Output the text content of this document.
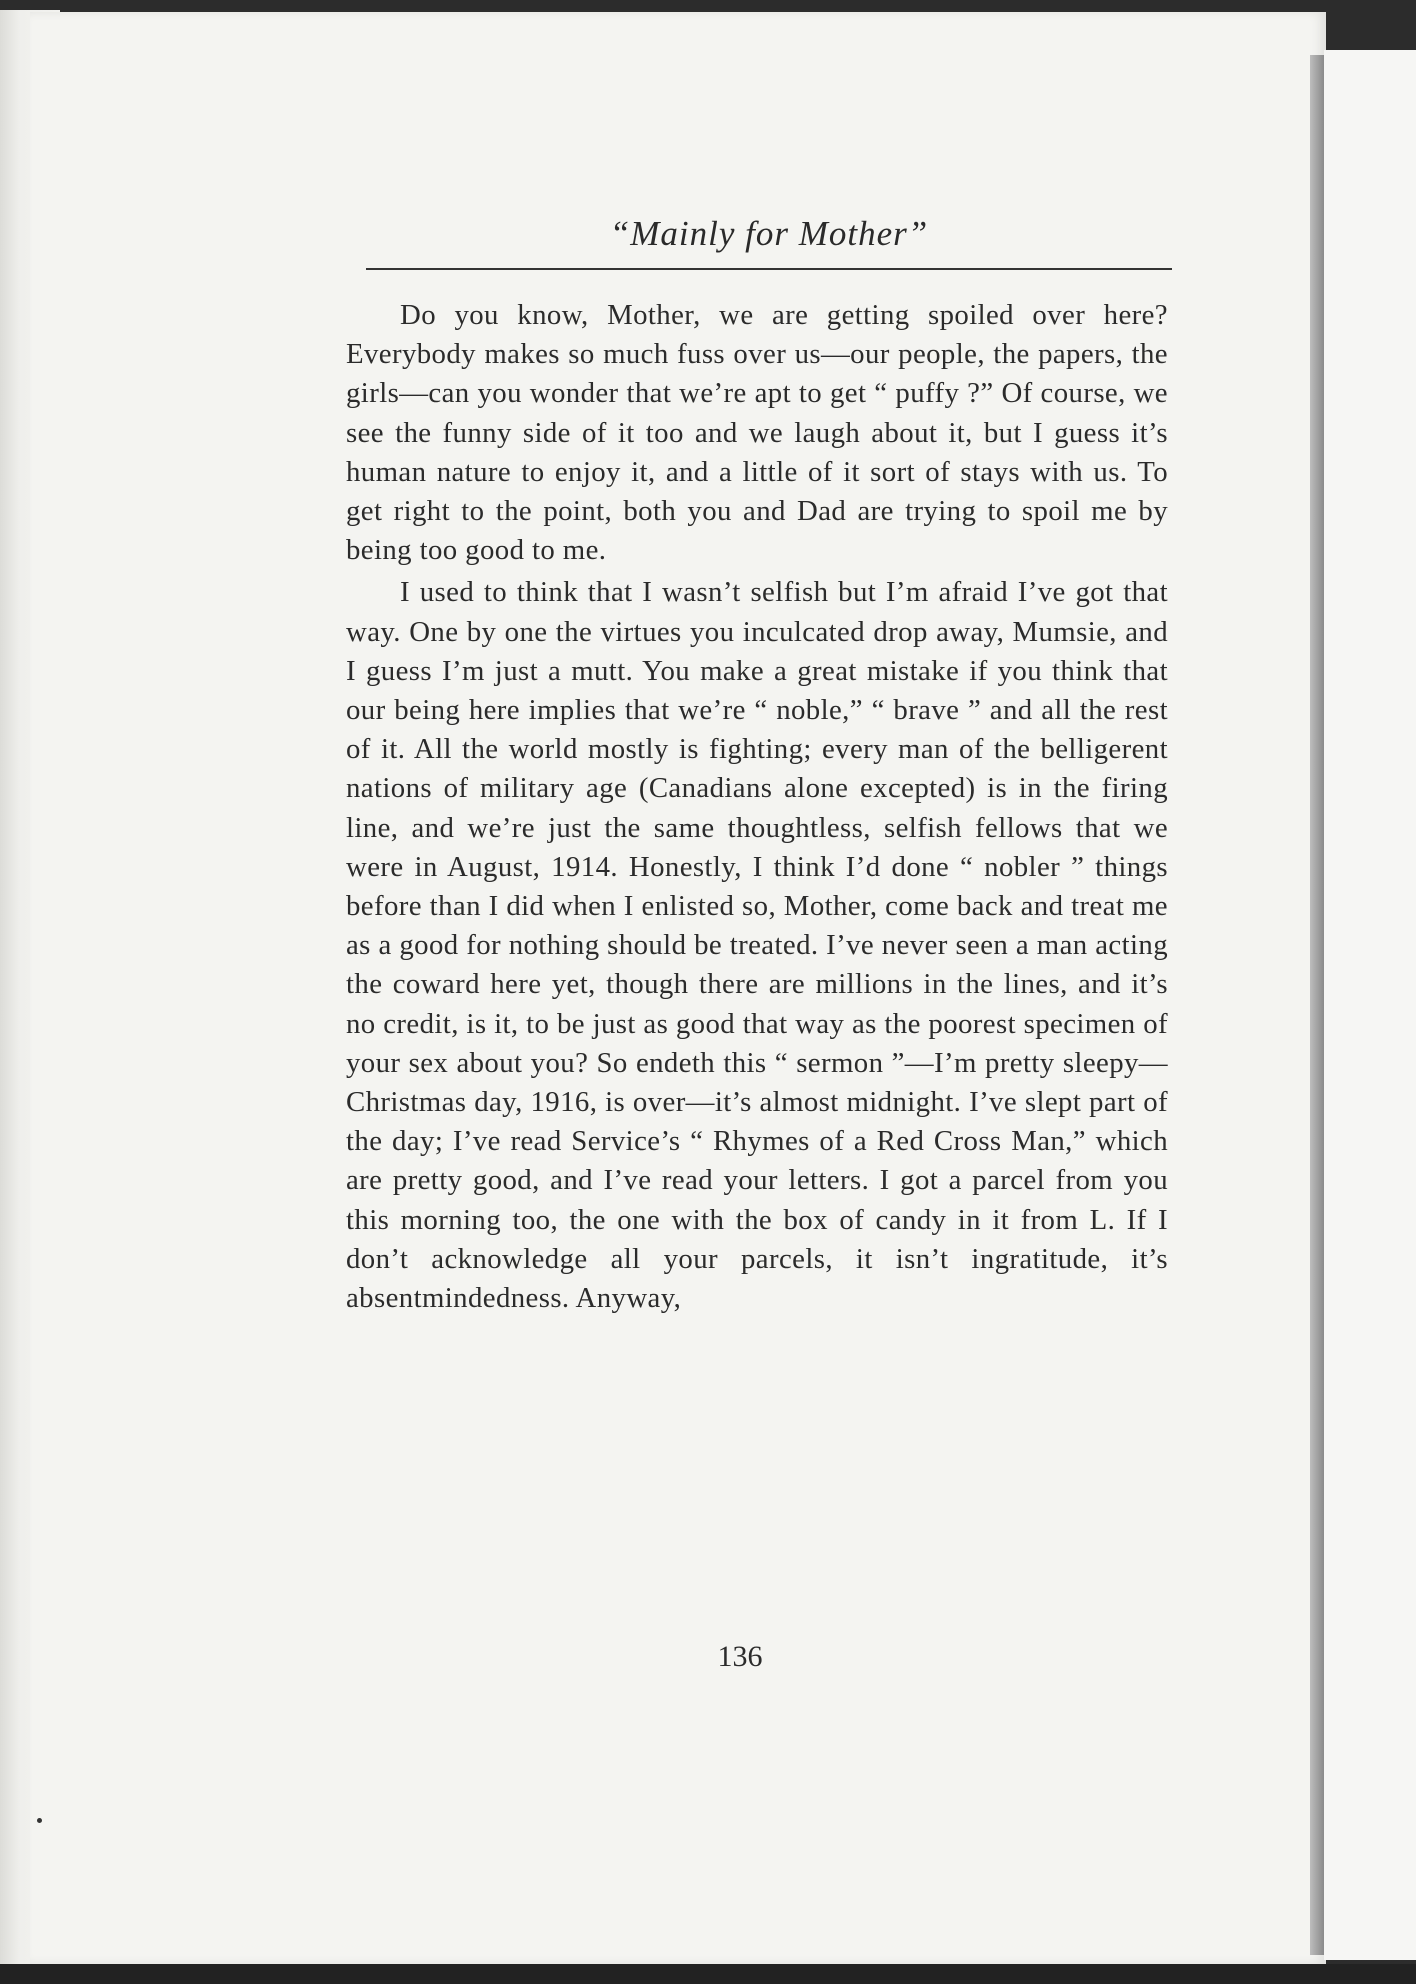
“Mainly for Mother”

Do you know, Mother, we are getting spoiled over here? Everybody makes so much fuss over us—our people, the papers, the girls—can you wonder that we’re apt to get “ puffy ?” Of course, we see the funny side of it too and we laugh about it, but I guess it’s human nature to enjoy it, and a little of it sort of stays with us. To get right to the point, both you and Dad are trying to spoil me by being too good to me.

I used to think that I wasn’t selfish but I’m afraid I’ve got that way. One by one the virtues you inculcated drop away, Mumsie, and I guess I’m just a mutt. You make a great mistake if you think that our being here implies that we’re “ noble,” “ brave ” and all the rest of it. All the world mostly is fighting; every man of the belligerent nations of military age (Canadians alone excepted) is in the firing line, and we’re just the same thoughtless, selfish fellows that we were in August, 1914. Honestly, I think I’d done “ nobler ” things before than I did when I enlisted so, Mother, come back and treat me as a good for nothing should be treated. I’ve never seen a man acting the coward here yet, though there are millions in the lines, and it’s no credit, is it, to be just as good that way as the poorest specimen of your sex about you? So endeth this “ sermon ”—I’m pretty sleepy—Christmas day, 1916, is over—it’s almost midnight. I’ve slept part of the day; I’ve read Service’s “ Rhymes of a Red Cross Man,” which are pretty good, and I’ve read your letters. I got a parcel from you this morning too, the one with the box of candy in it from L. If I don’t acknowledge all your parcels, it isn’t ingratitude, it’s absentmindedness. Anyway,

136
